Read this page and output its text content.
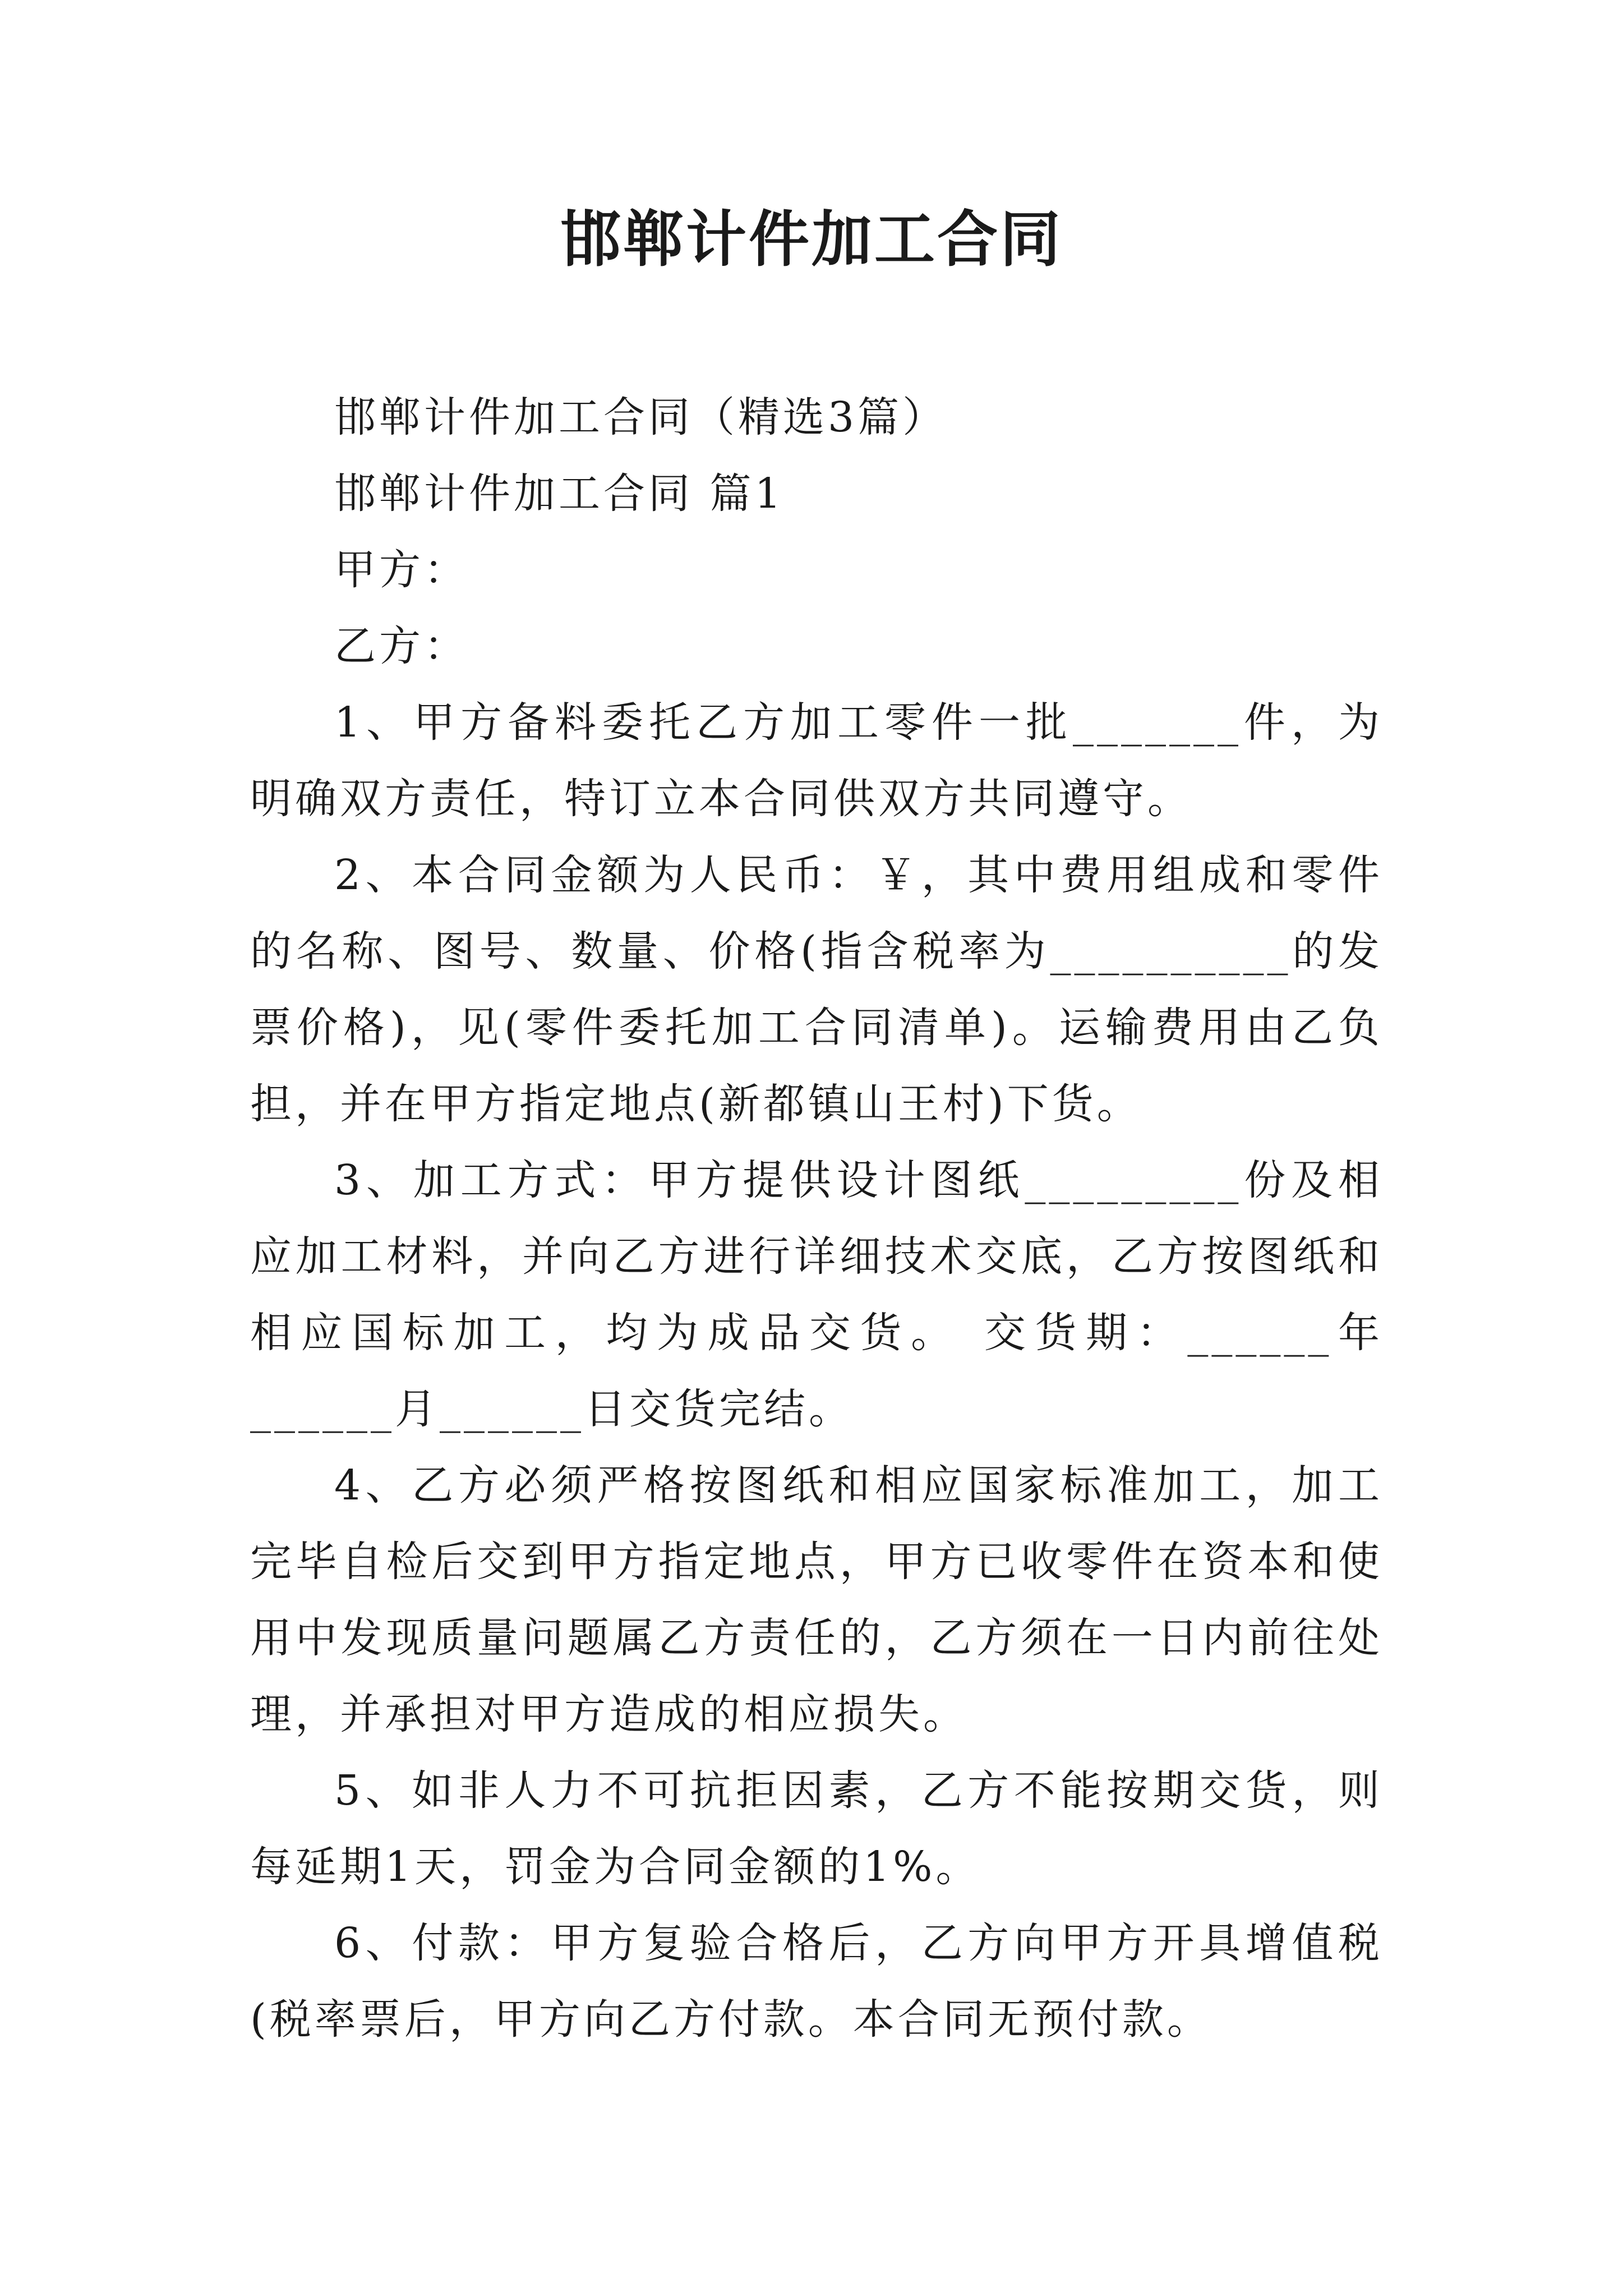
邯郸计件加工合同

邯郸计件加工合同（精选3篇）

邯郸计件加工合同 篇1

甲方：

乙方：

1、甲方备料委托乙方加工零件一批_______件，为明确双方责任，特订立本合同供双方共同遵守。

2、本合同金额为人民币：￥，其中费用组成和零件的名称、图号、数量、价格(指含税率为__________的发票价格)，见(零件委托加工合同清单)。运输费用由乙负担，并在甲方指定地点(新都镇山王村)下货。

3、加工方式：甲方提供设计图纸_________份及相应加工材料，并向乙方进行详细技术交底，乙方按图纸和相应国标加工，均为成品交货。 交货期：______年______月______日交货完结。

4、乙方必须严格按图纸和相应国家标准加工，加工完毕自检后交到甲方指定地点，甲方已收零件在资本和使用中发现质量问题属乙方责任的，乙方须在一日内前往处理，并承担对甲方造成的相应损失。

5、如非人力不可抗拒因素，乙方不能按期交货，则每延期1天，罚金为合同金额的1%。

6、付款：甲方复验合格后，乙方向甲方开具增值税(税率票后，甲方向乙方付款。本合同无预付款。
